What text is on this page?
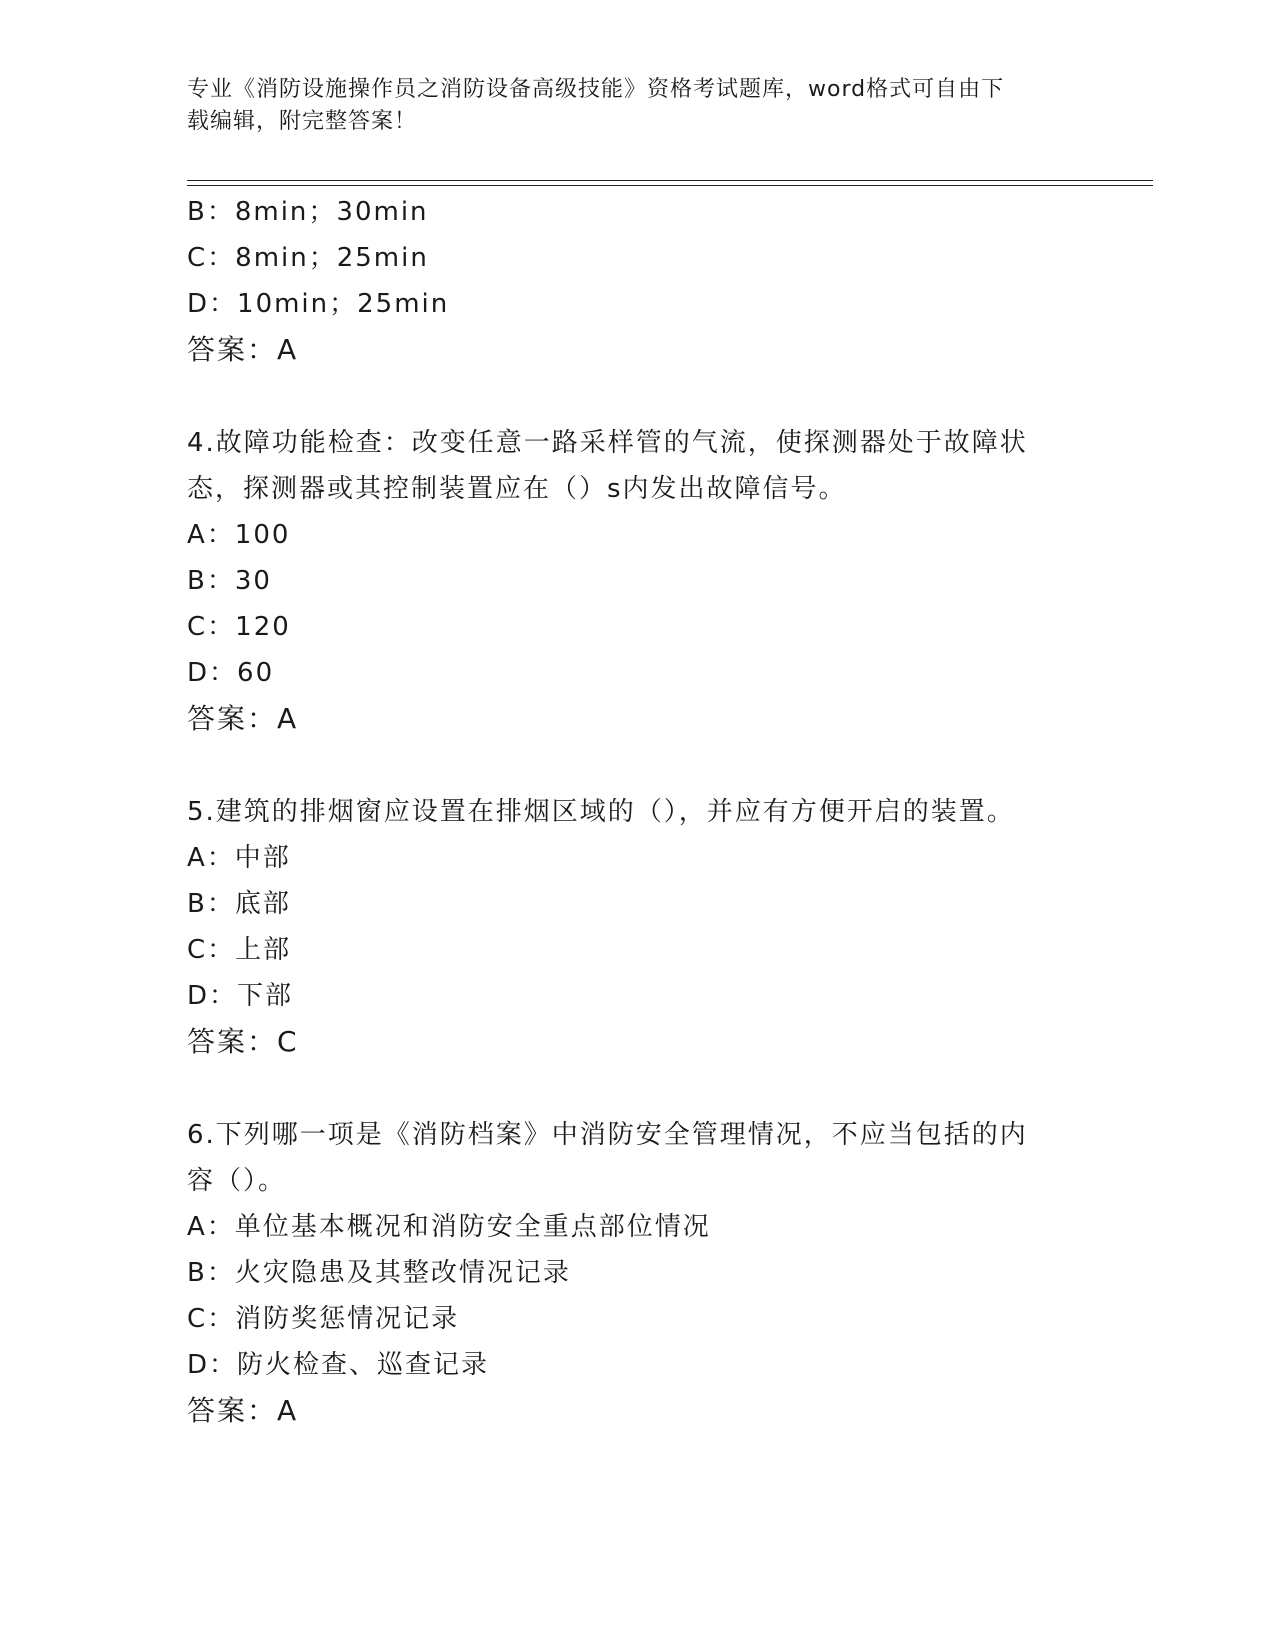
专业《消防设施操作员之消防设备高级技能》资格考试题库，word格式可自由下
载编辑，附完整答案！
B：8min；30min
C：8min；25min
D：10min；25min
答案：A
4.故障功能检查：改变任意一路采样管的气流，使探测器处于故障状
态，探测器或其控制装置应在（）s内发出故障信号。
A：100
B：30
C：120
D：60
答案：A
5.建筑的排烟窗应设置在排烟区域的（），并应有方便开启的装置。
A：中部
B：底部
C：上部
D：下部
答案：C
6.下列哪一项是《消防档案》中消防安全管理情况，不应当包括的内
容（）。
A：单位基本概况和消防安全重点部位情况
B：火灾隐患及其整改情况记录
C：消防奖惩情况记录
D：防火检查、巡查记录
答案：A
